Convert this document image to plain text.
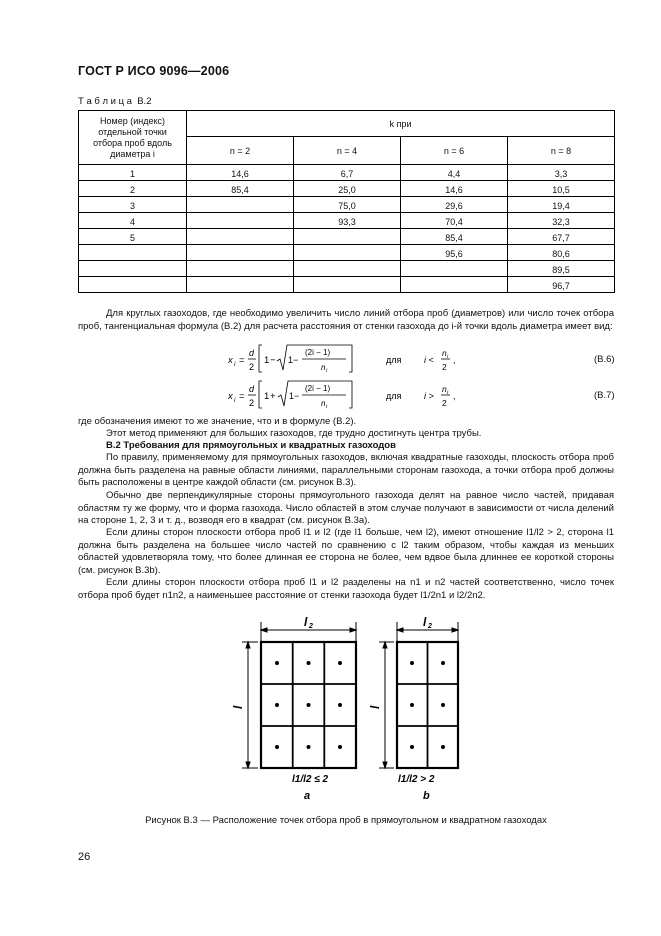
ГОСТ Р ИСО 9096—2006
Т а б л и ц а  В.2
Номер (индекс) отдельной точки отбора проб вдоль диаметра i	k при			
	n = 2	n = 4	n = 6	n = 8
1	14,6	6,7	4,4	3,3
2	85,4	25,0	14,6	10,5
3		75,0	29,6	19,4
4		93,3	70,4	32,3
5			85,4	67,7
			95,6	80,6
				89,5
				96,7
Для круглых газоходов, где необходимо увеличить число линий отбора проб (диаметров) или число точек отбора проб, тангенциальная формула (В.2) для расчета расстояния от стенки газохода до i-й точки вдоль диаметра имеет вид:
x i =
d
2
1 − 1−
(2i − 1)
n i
для	i <
n i
2
,	(В.6)
x i =
d
2
1 + 1−
(2i − 1)
n i
для	i >
n i
2
,	(В.7)
где обозначения имеют то же значение, что и в формуле (В.2).
Этот метод применяют для больших газоходов, где трудно достигнуть центра трубы.
В.2 Требования для прямоугольных и квадратных газоходов
По правилу, применяемому для прямоугольных газоходов, включая квадратные газоходы, плоскость отбора проб должна быть разделена на равные области линиями, параллельными сторонам газохода, а точки отбора проб должны быть расположены в центре каждой области (см. рисунок В.3).
Обычно две перпендикулярные стороны прямоугольного газохода делят на равное число частей, придавая областям ту же форму, что и форма газохода. Число областей в этом случае получают в зависимости от числа делений на стороне 1, 2, 3 и т. д., возводя его в квадрат (см. рисунок В.3а).
Если длины сторон плоскости отбора проб l1 и l2 (где l1 больше, чем l2), имеют отношение l1/l2 > 2, сторона l1 должна быть разделена на большее число частей по сравнению с l2 таким образом, чтобы каждая из меньших областей удовлетворяла тому, что более длинная ее сторона не более, чем вдвое была длиннее ее короткой стороны (см. рисунок В.3b).
Если длины сторон плоскости отбора проб l1 и l2 разделены на n1 и n2 частей соответственно, число точек отбора проб будет n1n2, а наименьшее расстояние от стенки газохода будет l1/2n1 и l2/2n2.
l 2
l
l1/l2 ≤ 2
a
l 2
l
l1/l2 > 2
b
Рисунок В.3 — Расположение точек отбора проб в прямоугольном и квадратном газоходах
26
